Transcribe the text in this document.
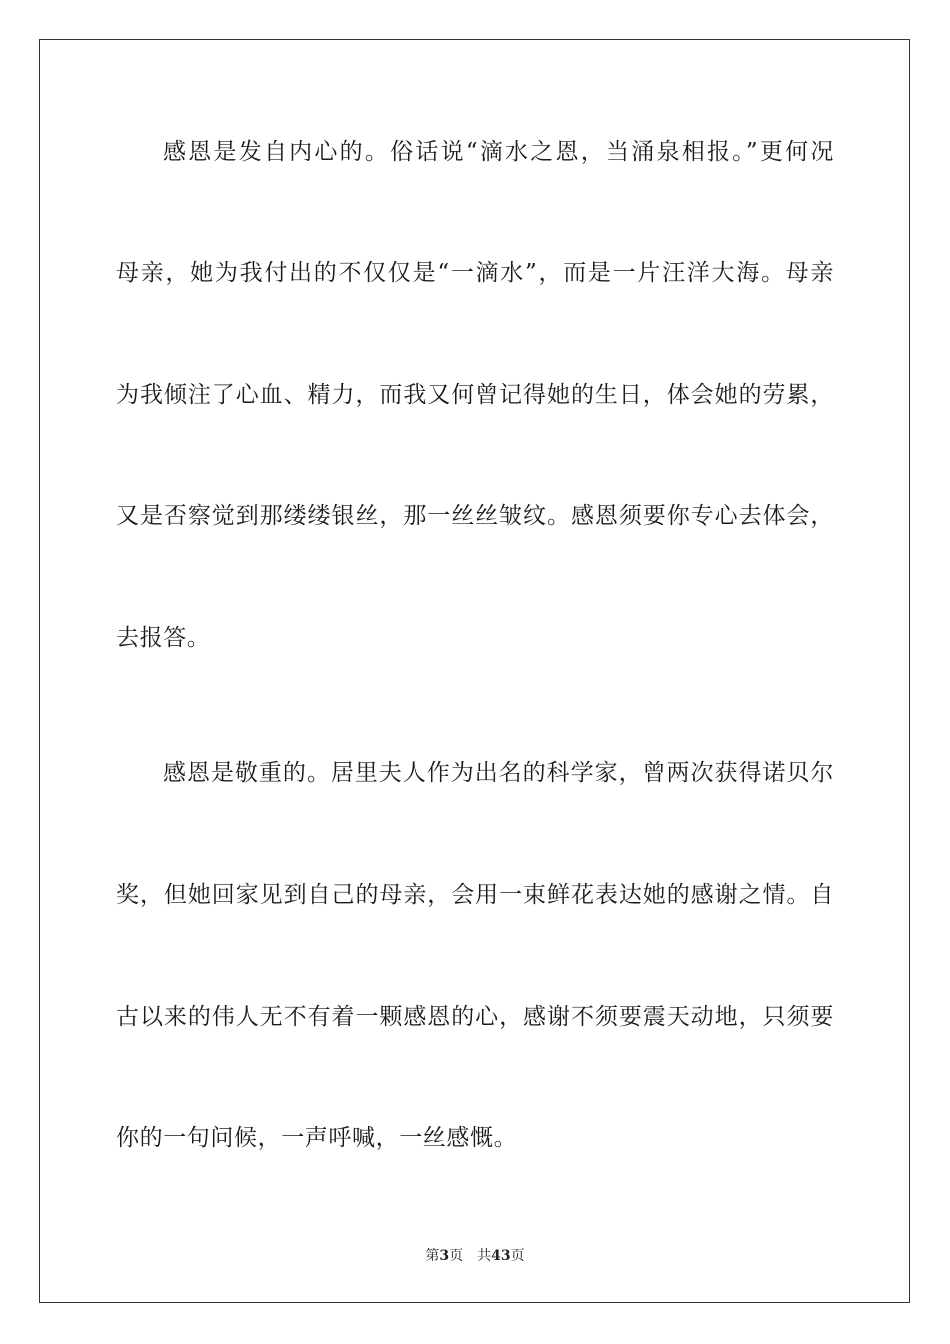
感恩是发自内心的。俗话说“滴水之恩，当涌泉相报。”更何况
母亲，她为我付出的不仅仅是“一滴水”，而是一片汪洋大海。母亲
为我倾注了心血、精力，而我又何曾记得她的生日，体会她的劳累，
又是否察觉到那缕缕银丝，那一丝丝皱纹。感恩须要你专心去体会，
去报答。
感恩是敬重的。居里夫人作为出名的科学家，曾两次获得诺贝尔
奖，但她回家见到自己的母亲，会用一束鲜花表达她的感谢之情。自
古以来的伟人无不有着一颗感恩的心，感谢不须要震天动地，只须要
你的一句问候，一声呼喊，一丝感慨。
第3页 共43页
